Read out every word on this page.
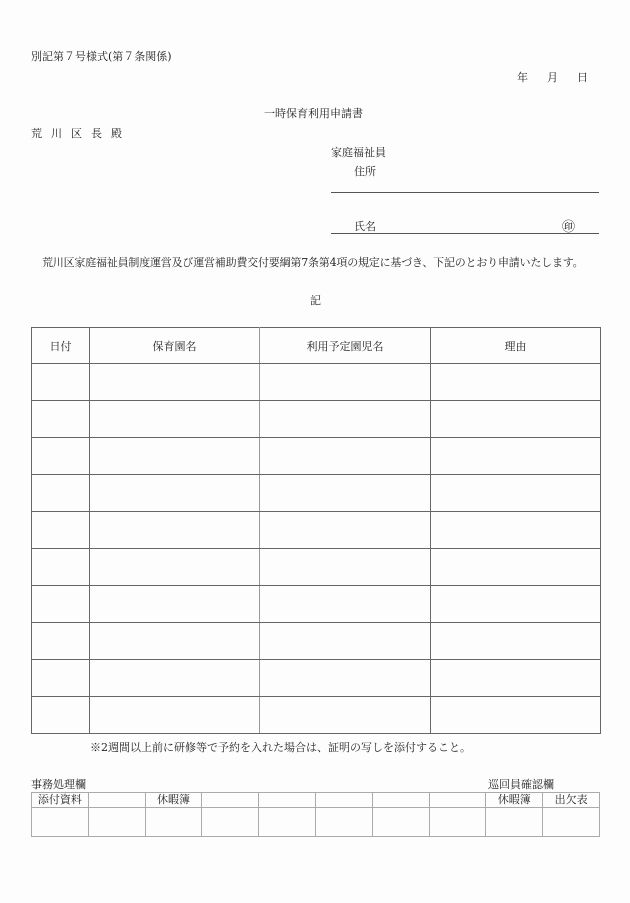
別記第７号様式(第７条関係)
年 月 日
一時保育利用申請書
荒川区長殿
家庭福祉員
住所
氏名	㊞
荒川区家庭福祉員制度運営及び運営補助費交付要綱第7条第4項の規定に基づき、下記のとおり申請いたします。
記
日付	保育園名	利用予定園児名	理由

※2週間以上前に研修等で予約を入れた場合は、証明の写しを添付すること。
事務処理欄	巡回員確認欄
添付資料		休暇簿						休暇簿	出欠表
